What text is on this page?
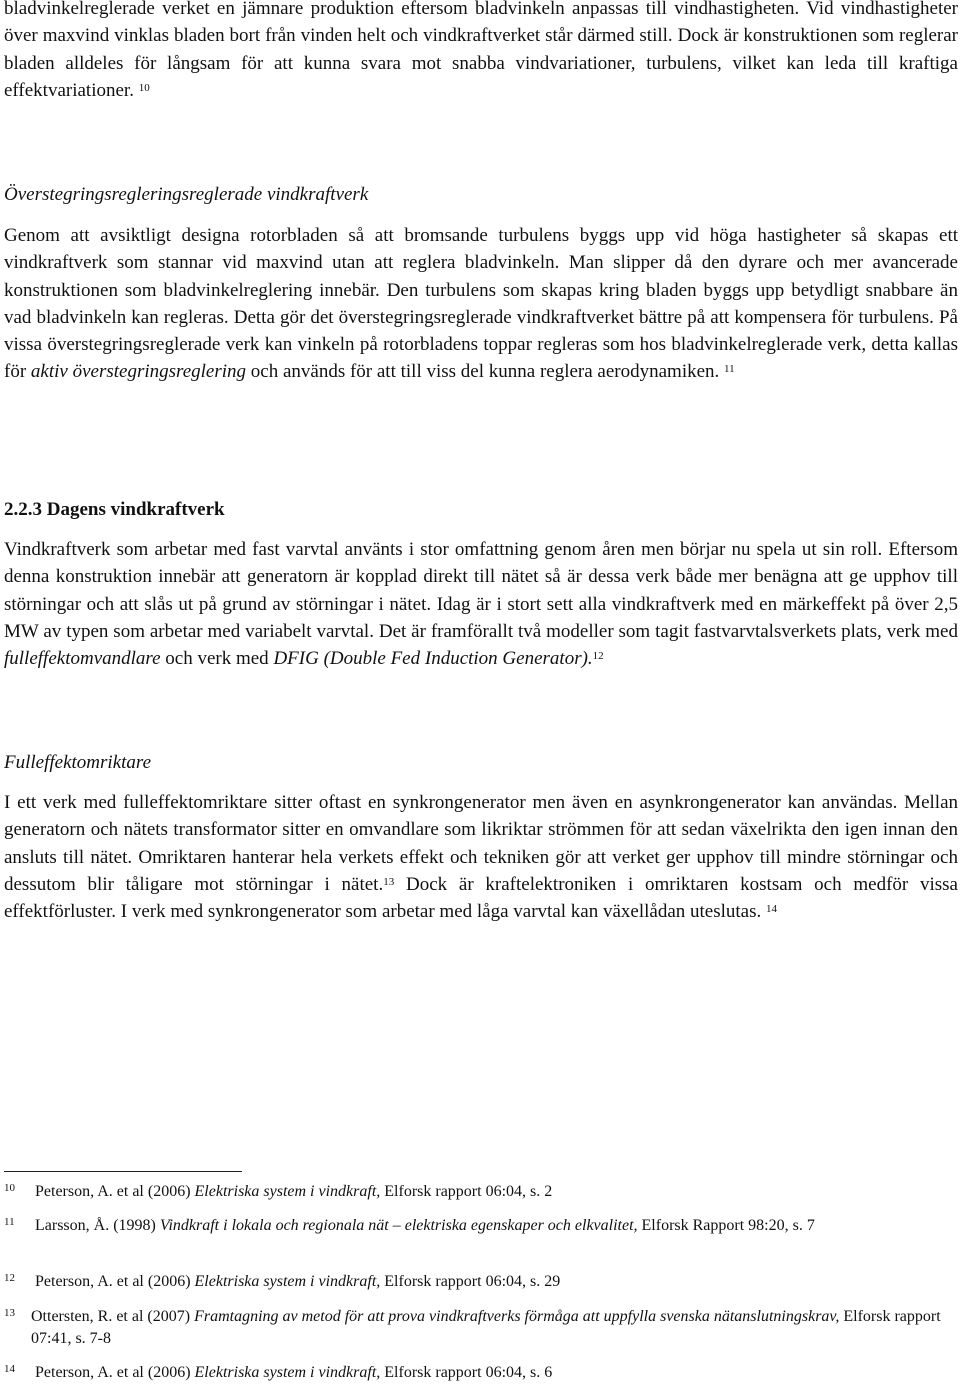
bladvinkelreglerade verket en jämnare produktion eftersom bladvinkeln anpassas till vindhastigheten. Vid vindhastigheter över maxvind vinklas bladen bort från vinden helt och vindkraftverket står därmed still. Dock är konstruktionen som reglerar bladen alldeles för långsam för att kunna svara mot snabba vindvariationer, turbulens, vilket kan leda till kraftiga effektvariationer. $^{10}$

Överstegringsregleringsreglerade vindkraftverk

Genom att avsiktligt designa rotorbladen så att bromsande turbulens byggs upp vid höga hastigheter så skapas ett vindkraftverk som stannar vid maxvind utan att reglera bladvinkeln. Man slipper då den dyrare och mer avancerade konstruktionen som bladvinkelreglering innebär. Den turbulens som skapas kring bladen byggs upp betydligt snabbare än vad bladvinkeln kan regleras. Detta gör det överstegringsreglerade vindkraftverket bättre på att kompensera för turbulens. På vissa överstegringsreglerade verk kan vinkeln på rotorbladens toppar regleras som hos bladvinkelreglerade verk, detta kallas för aktiv överstegringsreglering och används för att till viss del kunna reglera aerodynamiken. $^{11}$

2.2.3 Dagens vindkraftverk

Vindkraftverk som arbetar med fast varvtal använts i stor omfattning genom åren men börjar nu spela ut sin roll. Eftersom denna konstruktion innebär att generatorn är kopplad direkt till nätet så är dessa verk både mer benägna att ge upphov till störningar och att slås ut på grund av störningar i nätet. Idag är i stort sett alla vindkraftverk med en märkeffekt på över 2,5 MW av typen som arbetar med variabelt varvtal. Det är framförallt två modeller som tagit fastvarvtalsverkets plats, verk med fulleffektomvandlare och verk med DFIG (Double Fed Induction Generator).$^{12}$

Fulleffektomriktare

I ett verk med fulleffektomriktare sitter oftast en synkrongenerator men även en asynkrongenerator kan användas. Mellan generatorn och nätets transformator sitter en omvandlare som likriktar strömmen för att sedan växelrikta den igen innan den ansluts till nätet. Omriktaren hanterar hela verkets effekt och tekniken gör att verket ger upphov till mindre störningar och dessutom blir tåligare mot störningar i nätet.$^{13}$ Dock är kraftelektroniken i omriktaren kostsam och medför vissa effektförluster. I verk med synkrongenerator som arbetar med låga varvtal kan växellådan uteslutas. $^{14}$

10	Peterson, A. et al (2006) Elektriska system i vindkraft, Elforsk rapport 06:04, s. 2
11	Larsson, Å. (1998) Vindkraft i lokala och regionala nät – elektriska egenskaper och elkvalitet, Elforsk Rapport 98:20, s. 7
12	Peterson, A. et al (2006) Elektriska system i vindkraft, Elforsk rapport 06:04, s. 29
13	Ottersten, R. et al (2007) Framtagning av metod för att prova vindkraftverks förmåga att uppfylla svenska nätanslutningskrav, Elforsk rapport 07:41, s. 7-8
14	Peterson, A. et al (2006) Elektriska system i vindkraft, Elforsk rapport 06:04, s. 6
